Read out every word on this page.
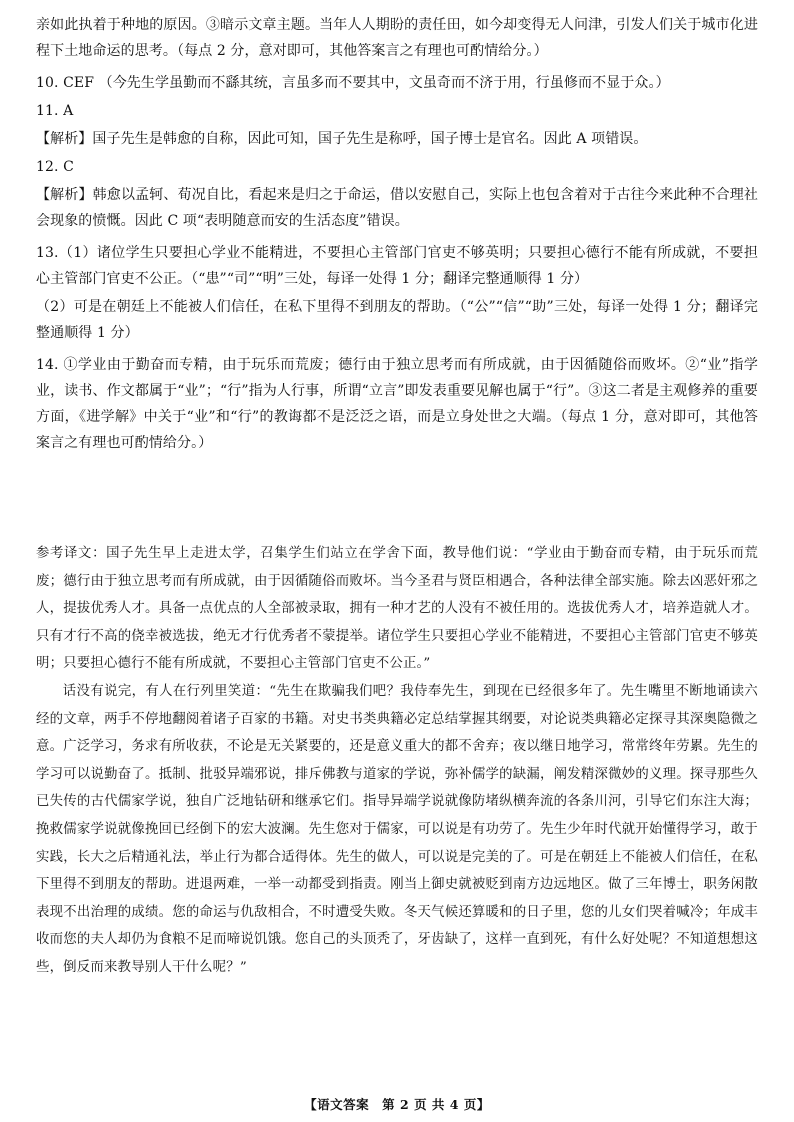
亲如此执着于种地的原因。③暗示文章主题。当年人人期盼的责任田，如今却变得无人问津，引发人们关于城市化进程下土地命运的思考。（每点 2 分，意对即可，其他答案言之有理也可酌情给分。）

10. CEF （今先生学虽勤而不繇其统，言虽多而不要其中，文虽奇而不济于用，行虽修而不显于众。）

11. A

【解析】国子先生是韩愈的自称，因此可知，国子先生是称呼，国子博士是官名。因此 A 项错误。

12. C

【解析】韩愈以孟轲、荀况自比，看起来是归之于命运，借以安慰自己，实际上也包含着对于古往今来此种不合理社会现象的愤慨。因此 C 项“表明随意而安的生活态度”错误。

13.（1）诸位学生只要担心学业不能精进，不要担心主管部门官吏不够英明；只要担心德行不能有所成就，不要担心主管部门官吏不公正。（“患”“司”“明”三处，每译一处得 1 分；翻译完整通顺得 1 分）

（2）可是在朝廷上不能被人们信任，在私下里得不到朋友的帮助。（“公”“信”“助”三处，每译一处得 1 分；翻译完整通顺得 1 分）

14. ①学业由于勤奋而专精，由于玩乐而荒废；德行由于独立思考而有所成就，由于因循随俗而败坏。②“业”指学业，读书、作文都属于“业”；“行”指为人行事，所谓“立言”即发表重要见解也属于“行”。③这二者是主观修养的重要方面，《进学解》中关于“业”和“行”的教诲都不是泛泛之语，而是立身处世之大端。（每点 1 分，意对即可，其他答案言之有理也可酌情给分。）

参考译文：国子先生早上走进太学，召集学生们站立在学舍下面，教导他们说：“学业由于勤奋而专精，由于玩乐而荒废；德行由于独立思考而有所成就，由于因循随俗而败坏。当今圣君与贤臣相遇合，各种法律全部实施。除去凶恶奸邪之人，提拔优秀人才。具备一点优点的人全部被录取，拥有一种才艺的人没有不被任用的。选拔优秀人才，培养造就人才。只有才行不高的侥幸被选拔，绝无才行优秀者不蒙提举。诸位学生只要担心学业不能精进，不要担心主管部门官吏不够英明；只要担心德行不能有所成就，不要担心主管部门官吏不公正。”

话没有说完，有人在行列里笑道：“先生在欺骗我们吧？我侍奉先生，到现在已经很多年了。先生嘴里不断地诵读六经的文章，两手不停地翻阅着诸子百家的书籍。对史书类典籍必定总结掌握其纲要，对论说类典籍必定探寻其深奥隐微之意。广泛学习，务求有所收获，不论是无关紧要的，还是意义重大的都不舍弃；夜以继日地学习，常常终年劳累。先生的学习可以说勤奋了。抵制、批驳异端邪说，排斥佛教与道家的学说，弥补儒学的缺漏，阐发精深微妙的义理。探寻那些久已失传的古代儒家学说，独自广泛地钻研和继承它们。指导异端学说就像防堵纵横奔流的各条川河，引导它们东注大海；挽救儒家学说就像挽回已经倒下的宏大波澜。先生您对于儒家，可以说是有功劳了。先生少年时代就开始懂得学习，敢于实践，长大之后精通礼法，举止行为都合适得体。先生的做人，可以说是完美的了。可是在朝廷上不能被人们信任，在私下里得不到朋友的帮助。进退两难，一举一动都受到指责。刚当上御史就被贬到南方边远地区。做了三年博士，职务闲散表现不出治理的成绩。您的命运与仇敌相合，不时遭受失败。冬天气候还算暖和的日子里，您的儿女们哭着喊冷；年成丰收而您的夫人却仍为食粮不足而啼说饥饿。您自己的头顶秃了，牙齿缺了，这样一直到死，有什么好处呢？不知道想想这些，倒反而来教导别人干什么呢？”

【语文答案　第 2 页 共 4 页】
